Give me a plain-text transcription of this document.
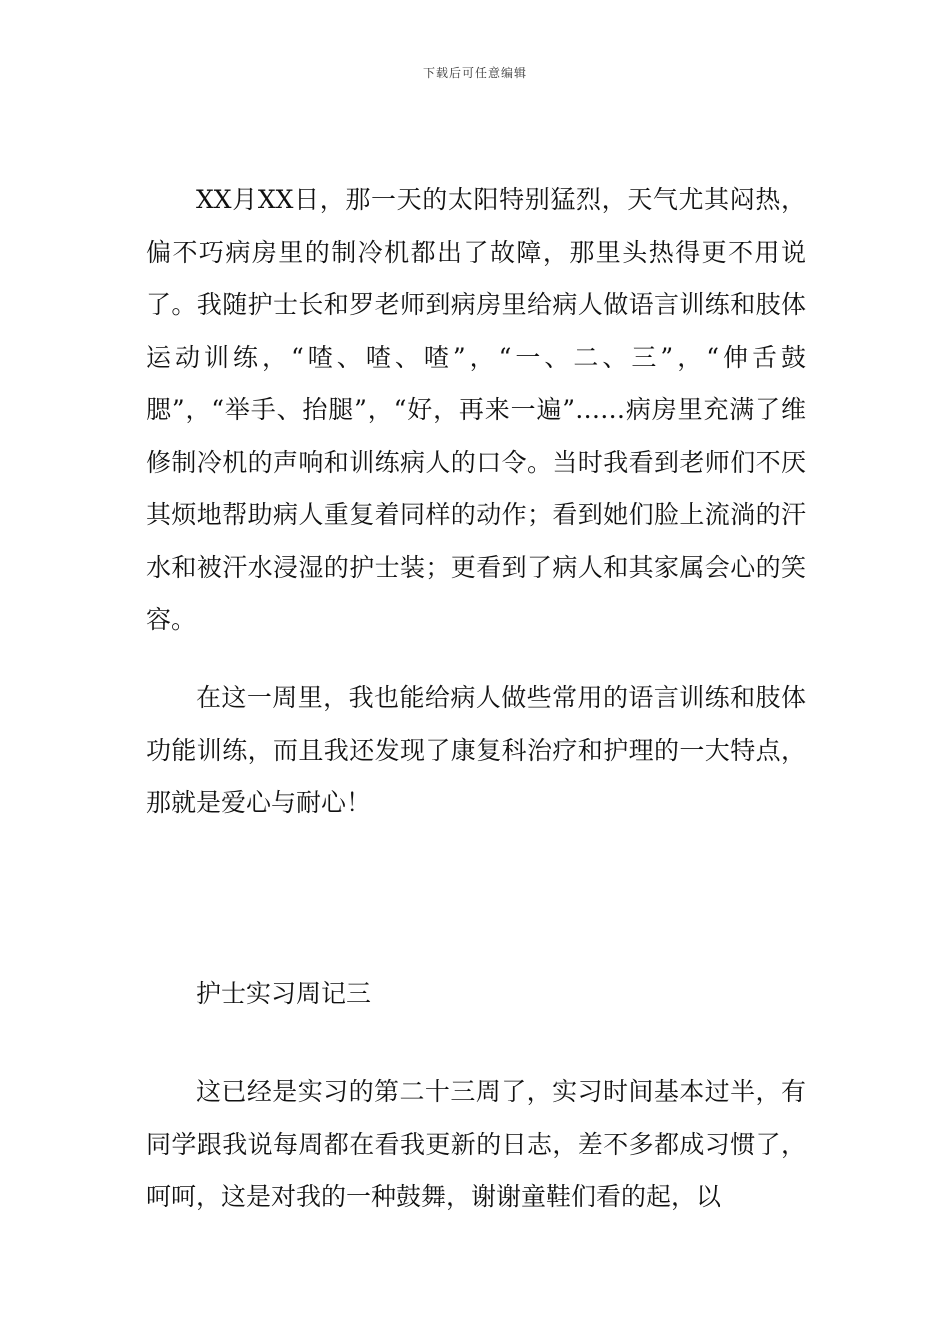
下载后可任意编辑

XX月XX日，那一天的太阳特别猛烈，天气尤其闷热，偏不巧病房里的制冷机都出了故障，那里头热得更不用说了。我随护士长和罗老师到病房里给病人做语言训练和肢体运动训练，“喳、喳、喳”，“一、二、三”，“伸舌鼓腮”，“举手、抬腿”，“好，再来一遍”……病房里充满了维修制冷机的声响和训练病人的口令。当时我看到老师们不厌其烦地帮助病人重复着同样的动作；看到她们脸上流淌的汗水和被汗水浸湿的护士装；更看到了病人和其家属会心的笑容。

在这一周里，我也能给病人做些常用的语言训练和肢体功能训练，而且我还发现了康复科治疗和护理的一大特点，那就是爱心与耐心！

护士实习周记三

这已经是实习的第二十三周了，实习时间基本过半，有同学跟我说每周都在看我更新的日志，差不多都成习惯了，呵呵，这是对我的一种鼓舞，谢谢童鞋们看的起，以
